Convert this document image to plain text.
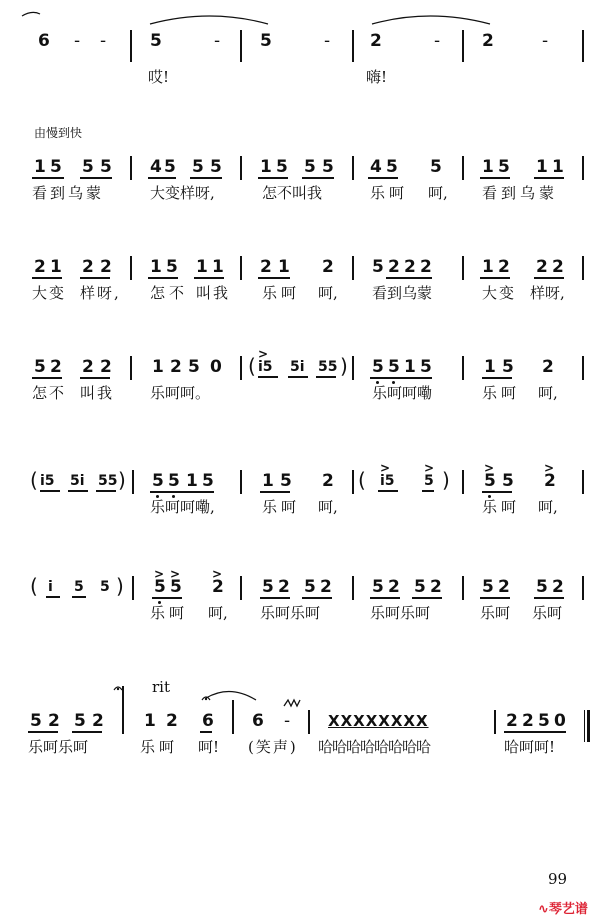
6 - -	5	- 5	- 2	- 2	-
哎!	嗨!
由慢到快
1 5 5 5 4 5 5 5 1 5 5 5 4 5 5 1 5 1 1
看到乌蒙	大变样呀,	怎不叫我	乐呵 呵, 看到乌蒙
2 1 2 2 1 5 1 1 2 1 2 5 2 2 2	1 2 2 2
大变 样呀, 怎不 叫我 乐呵 呵, 看到乌蒙	大变 样呀,
5 2 2 2 1 2 5 0 ( >
i5 5i 55 ) 5 5 1 5	1 5 2
怎不 叫我 乐呵呵。	乐呵呵嘞	乐呵 呵,
( i5 5i 55 ) 5 5 1 5	1 5 2 ( >	>
i5 5 )	>	>
5 5 2
乐呵呵嘞,	乐呵 呵,	乐呵 呵,
( i 5 5 )	> >	>
5 5 2 5 2 5 2 5 2 5 2 5 2 5 2
乐呵 呵, 乐呵乐呵	乐呵乐呵	乐呵 乐呵
rit
5 2 5 2 1 2 6 6 -	XXXXXXXX	2 2 5 0
乐呵乐呵	乐呵 呵! (笑声) 哈哈哈哈哈哈哈哈	哈呵呵!
99
∿琴艺谱
